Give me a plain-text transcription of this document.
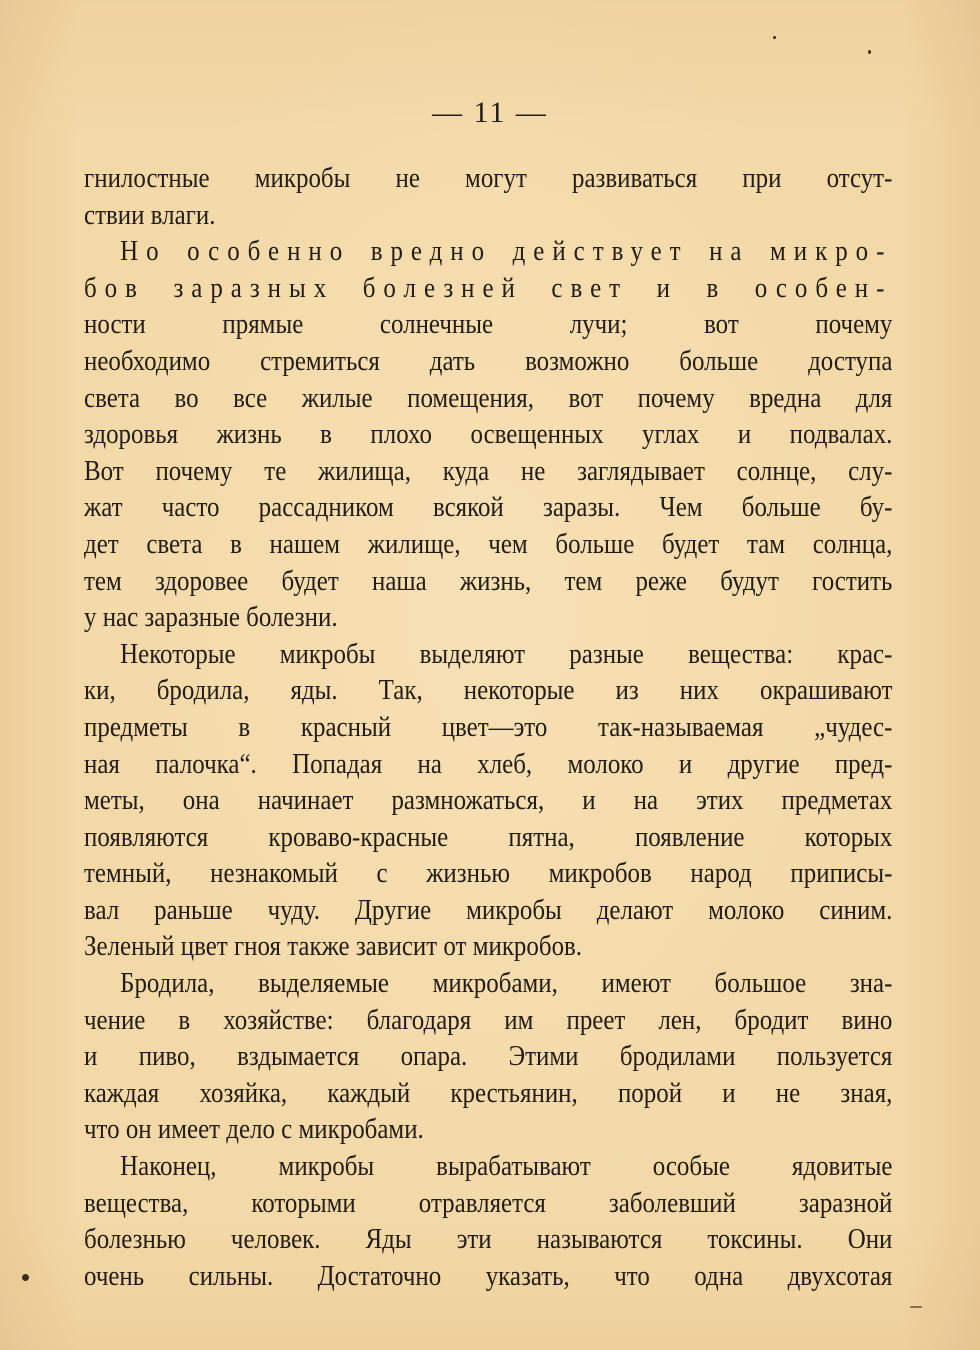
— 11 —
гнилостные микробы не могут развиваться при отсут-
ствии влаги.
Но особенно вредно действует на микро-
бов заразных болезней свет и в особен-
ности прямые солнечные лучи; вот почему
необходимо стремиться дать возможно больше доступа
света во все жилые помещения, вот почему вредна для
здоровья жизнь в плохо освещенных углах и подвалах.
Вот почему те жилища, куда не заглядывает солнце, слу-
жат часто рассадником всякой заразы. Чем больше бу-
дет света в нашем жилище, чем больше будет там солнца,
тем здоровее будет наша жизнь, тем реже будут гостить
у нас заразные болезни.
Некоторые микробы выделяют разные вещества: крас-
ки, бродила, яды. Так, некоторые из них окрашивают
предметы в красный цвет—это так-называемая „чудес-
ная палочка“. Попадая на хлеб, молоко и другие пред-
меты, она начинает размножаться, и на этих предметах
появляются кроваво-красные пятна, появление которых
темный, незнакомый с жизнью микробов народ приписы-
вал раньше чуду. Другие микробы делают молоко синим.
Зеленый цвет гноя также зависит от микробов.
Бродила, выделяемые микробами, имеют большое зна-
чение в хозяйстве: благодаря им преет лен, бродит вино
и пиво, вздымается опара. Этими бродилами пользуется
каждая хозяйка, каждый крестьянин, порой и не зная,
что он имеет дело с микробами.
Наконец, микробы вырабатывают особые ядовитые
вещества, которыми отравляется заболевший заразной
болезнью человек. Яды эти называются токсины. Они
очень сильны. Достаточно указать, что одна двухсотая
